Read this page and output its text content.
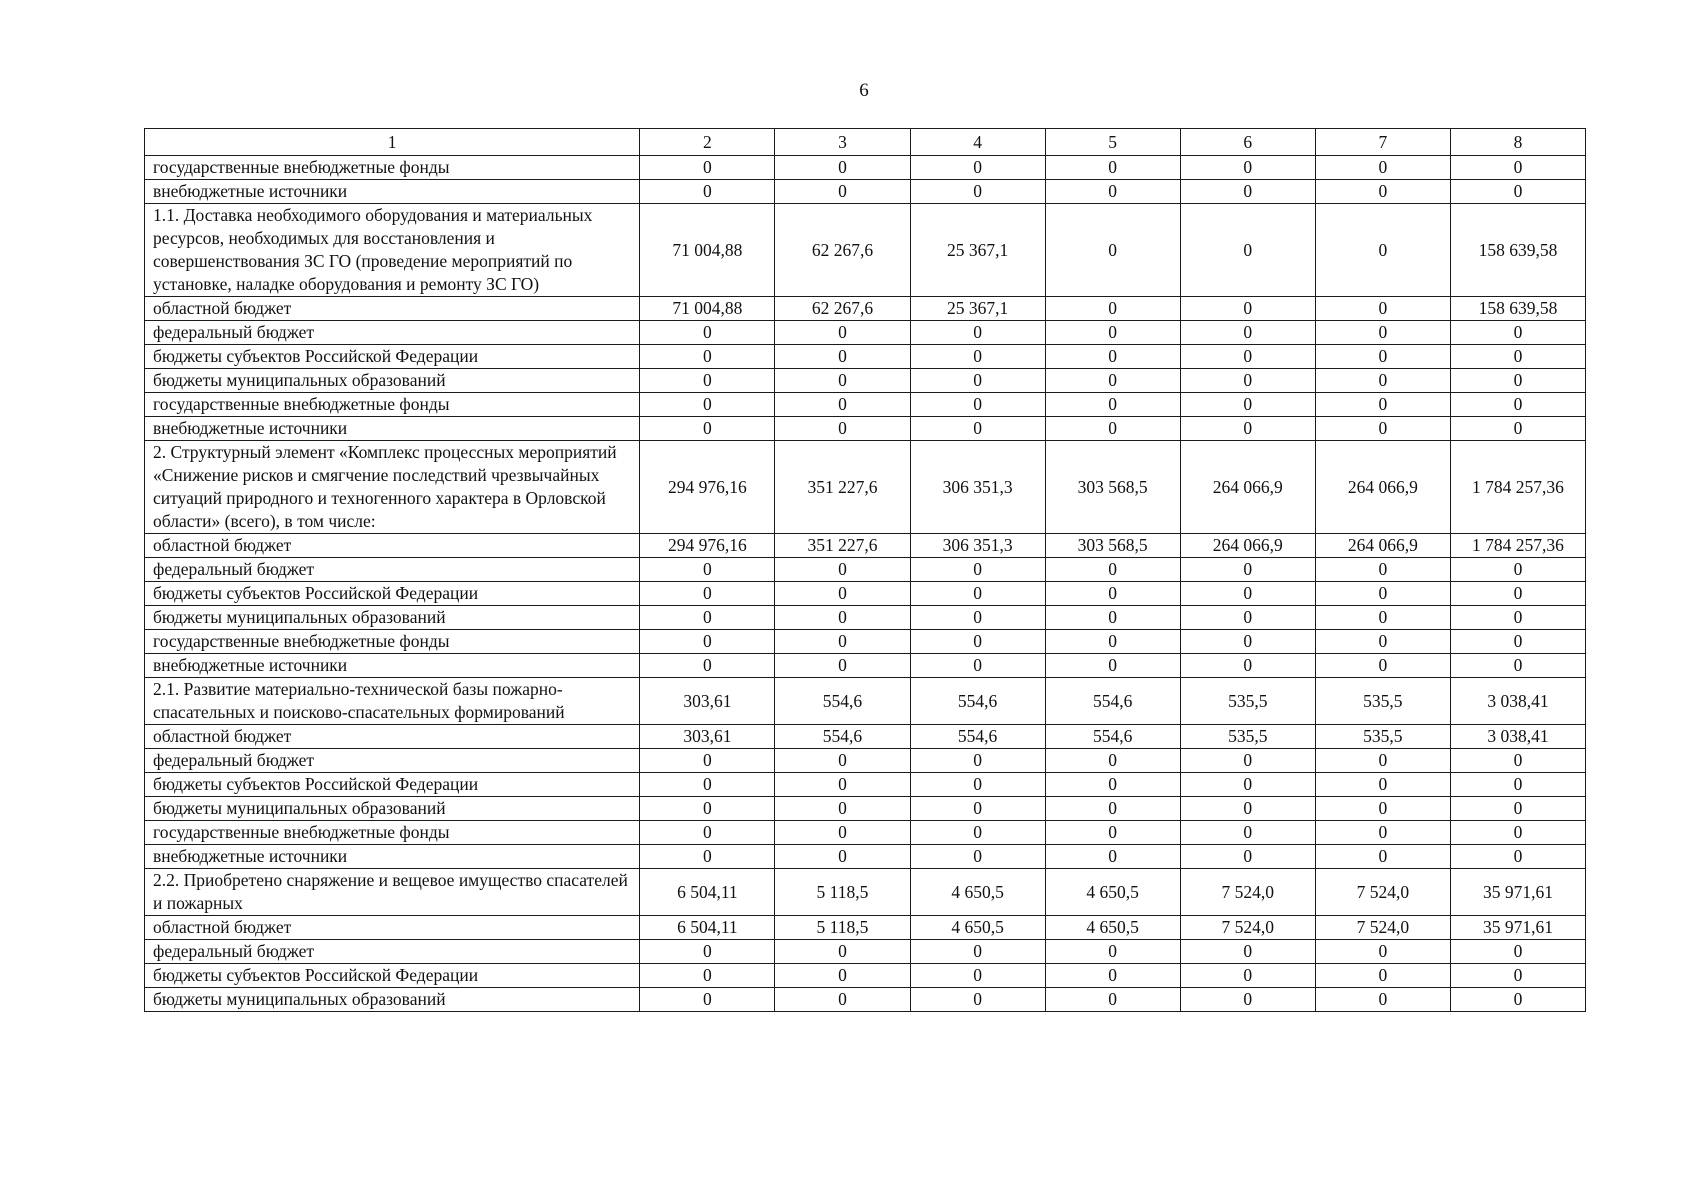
6
1	2	3	4	5	6	7	8
государственные внебюджетные фонды	0	0	0	0	0	0	0
внебюджетные источники	0	0	0	0	0	0	0
1.1. Доставка необходимого оборудования и материальных ресурсов, необходимых для восстановления и совершенствования ЗС ГО (проведение мероприятий по установке, наладке оборудования и ремонту ЗС ГО)	71 004,88	62 267,6	25 367,1	0	0	0	158 639,58
областной бюджет	71 004,88	62 267,6	25 367,1	0	0	0	158 639,58
федеральный бюджет	0	0	0	0	0	0	0
бюджеты субъектов Российской Федерации	0	0	0	0	0	0	0
бюджеты муниципальных образований	0	0	0	0	0	0	0
государственные внебюджетные фонды	0	0	0	0	0	0	0
внебюджетные источники	0	0	0	0	0	0	0
2. Структурный элемент «Комплекс процессных мероприятий «Снижение рисков и смягчение последствий чрезвычайных ситуаций природного и техногенного характера в Орловской области» (всего), в том числе:	294 976,16	351 227,6	306 351,3	303 568,5	264 066,9	264 066,9	1 784 257,36
областной бюджет	294 976,16	351 227,6	306 351,3	303 568,5	264 066,9	264 066,9	1 784 257,36
федеральный бюджет	0	0	0	0	0	0	0
бюджеты субъектов Российской Федерации	0	0	0	0	0	0	0
бюджеты муниципальных образований	0	0	0	0	0	0	0
государственные внебюджетные фонды	0	0	0	0	0	0	0
внебюджетные источники	0	0	0	0	0	0	0
2.1. Развитие материально-технической базы пожарно-спасательных и поисково-спасательных формирований	303,61	554,6	554,6	554,6	535,5	535,5	3 038,41
областной бюджет	303,61	554,6	554,6	554,6	535,5	535,5	3 038,41
федеральный бюджет	0	0	0	0	0	0	0
бюджеты субъектов Российской Федерации	0	0	0	0	0	0	0
бюджеты муниципальных образований	0	0	0	0	0	0	0
государственные внебюджетные фонды	0	0	0	0	0	0	0
внебюджетные источники	0	0	0	0	0	0	0
2.2. Приобретено снаряжение и вещевое имущество спасателей и пожарных	6 504,11	5 118,5	4 650,5	4 650,5	7 524,0	7 524,0	35 971,61
областной бюджет	6 504,11	5 118,5	4 650,5	4 650,5	7 524,0	7 524,0	35 971,61
федеральный бюджет	0	0	0	0	0	0	0
бюджеты субъектов Российской Федерации	0	0	0	0	0	0	0
бюджеты муниципальных образований	0	0	0	0	0	0	0
